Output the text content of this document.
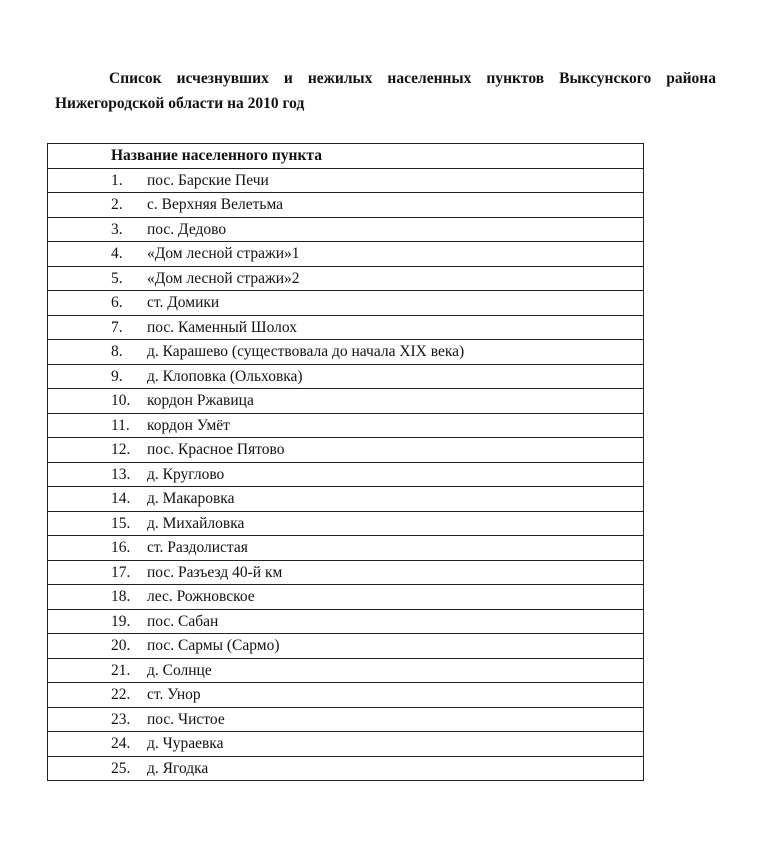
Список исчезнувших и нежилых населенных пунктов Выксунского района Нижегородской области на 2010 год

Название населенного пункта
1. пос. Барские Печи
2. с. Верхняя Велетьма
3. пос. Дедово
4. «Дом лесной стражи»1
5. «Дом лесной стражи»2
6. ст. Домики
7. пос. Каменный Шолох
8. д. Карашево (существовала до начала XIX века)
9. д. Клоповка (Ольховка)
10. кордон Ржавица
11. кордон Умёт
12. пос. Красное Пятово
13. д. Круглово
14. д. Макаровка
15. д. Михайловка
16. ст. Раздолистая
17. пос. Разъезд 40-й км
18. лес. Рожновское
19. пос. Сабан
20. пос. Сармы (Сармо)
21. д. Солнце
22. ст. Унор
23. пос. Чистое
24. д. Чураевка
25. д. Ягодка
